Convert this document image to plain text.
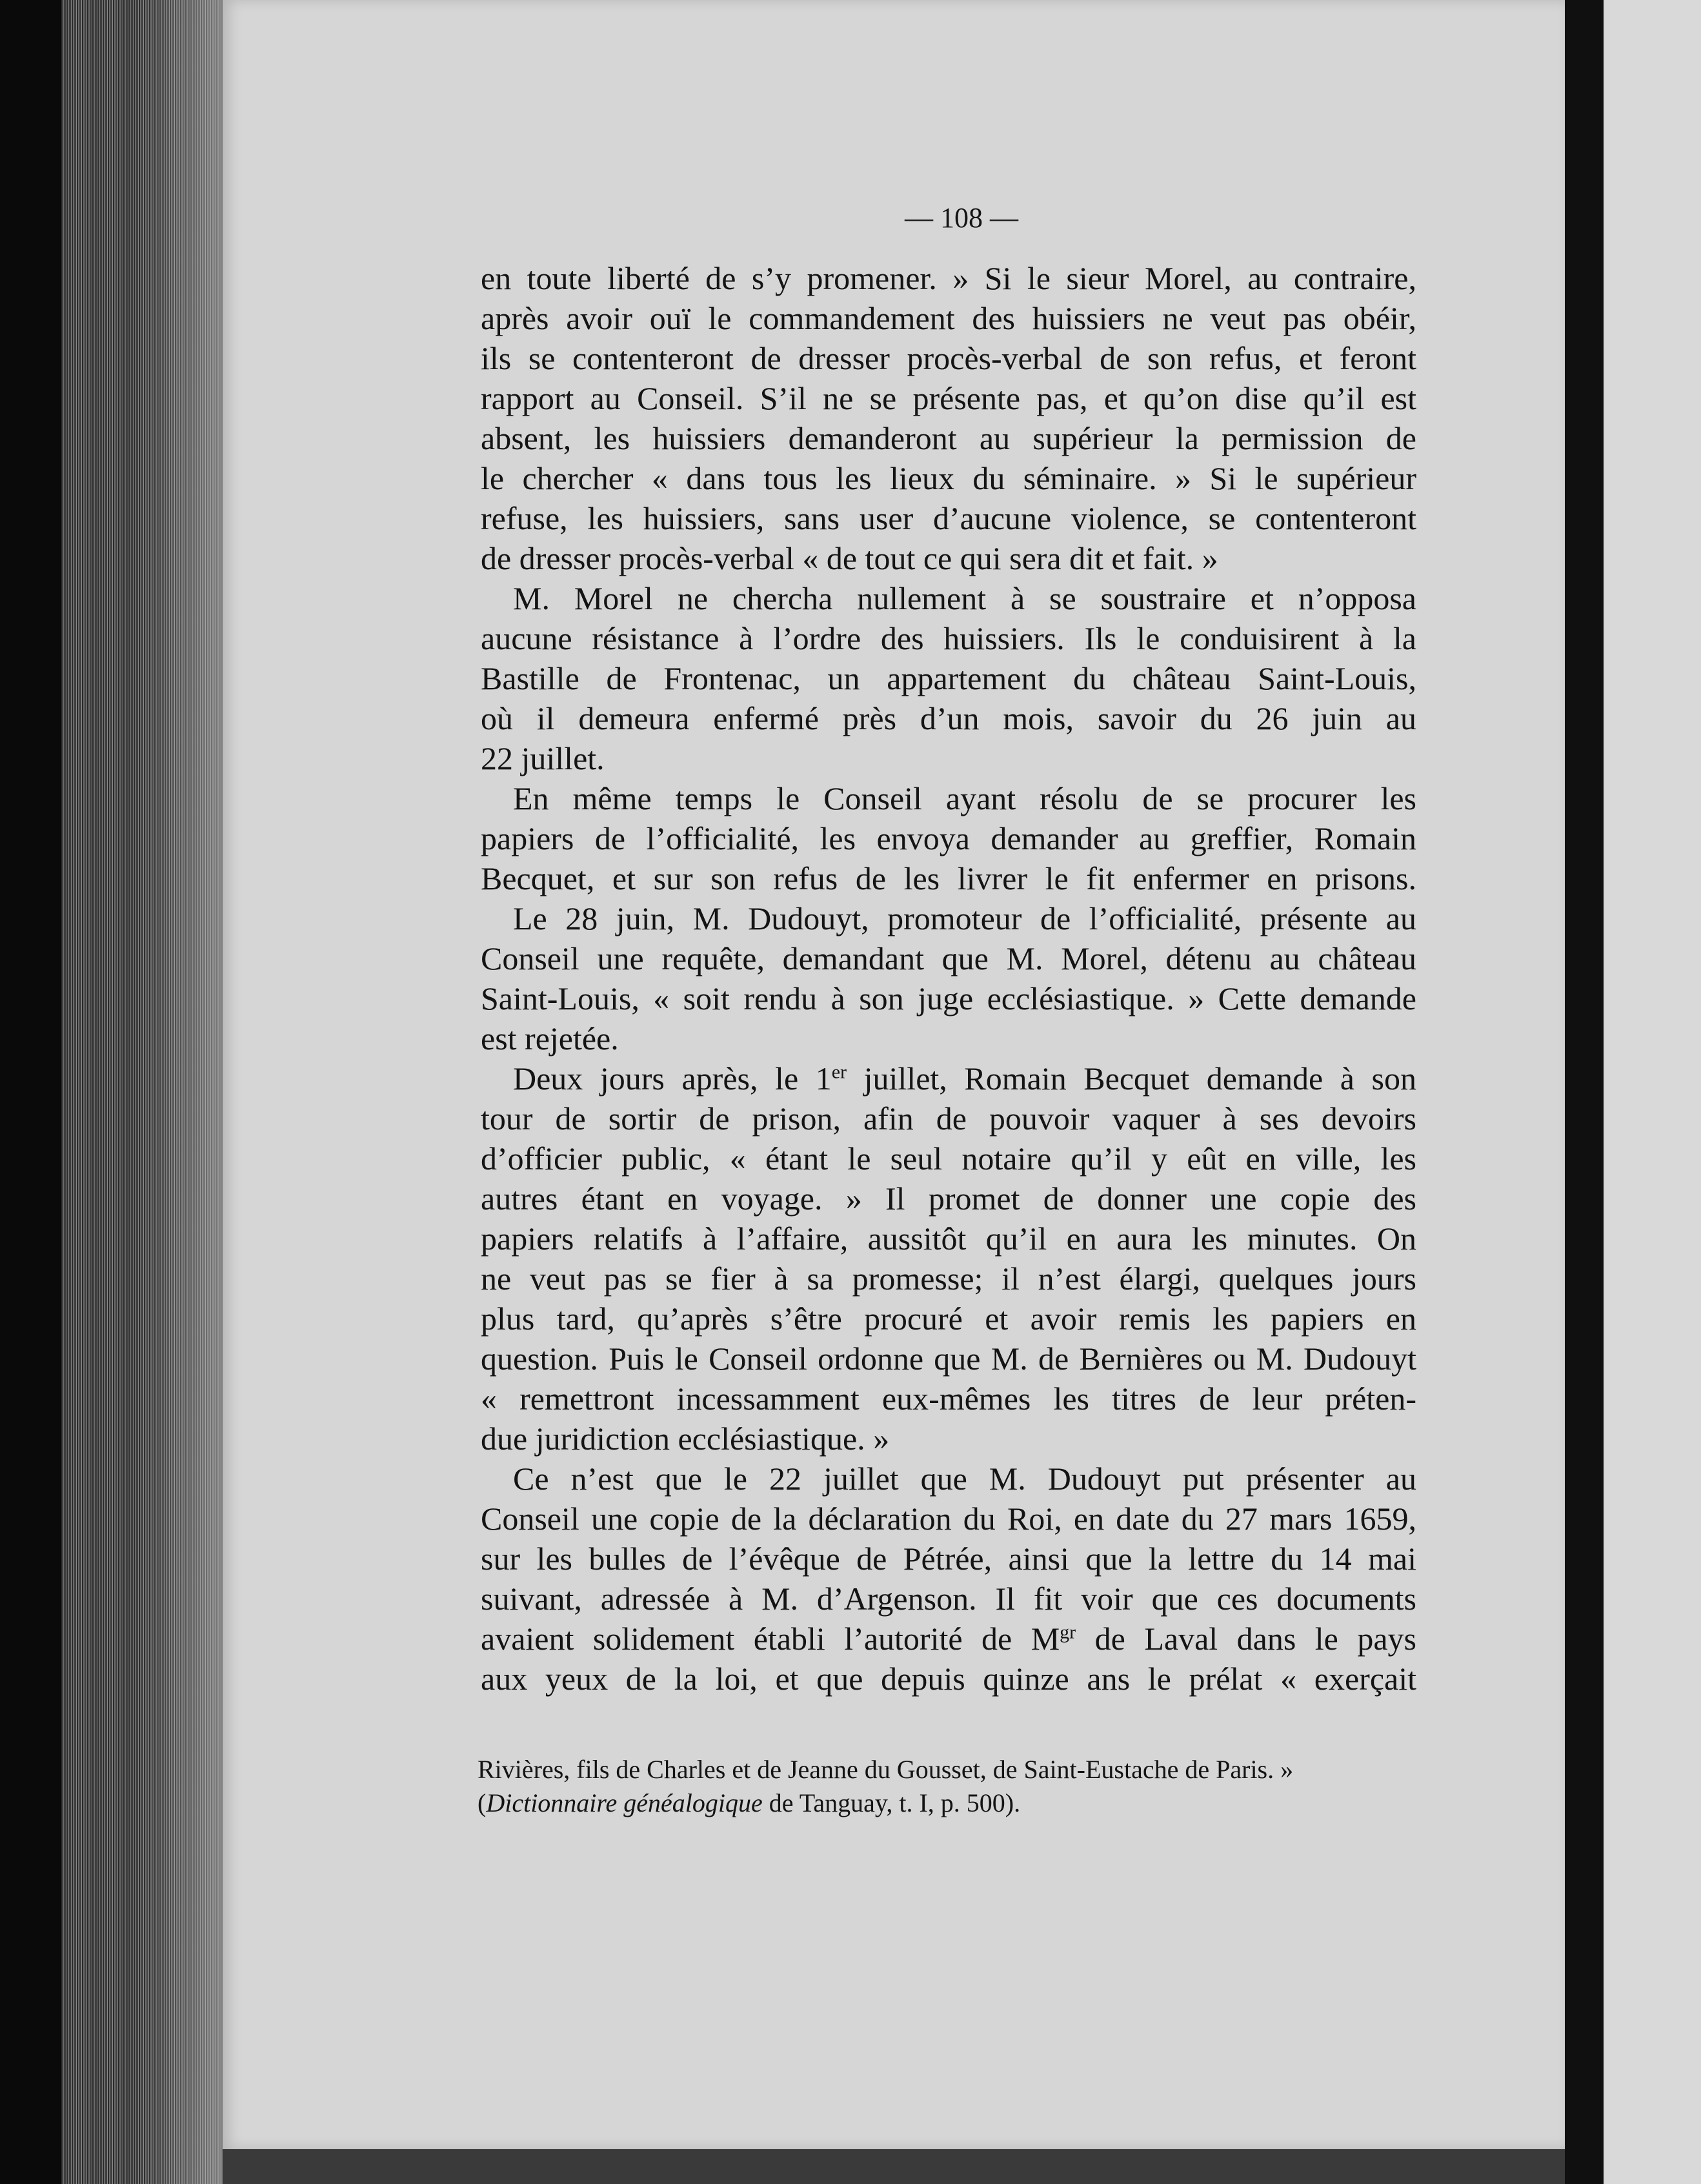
— 108 —
en toute liberté de s’y promener. » Si le sieur Morel, au contraire,
après avoir ouï le commandement des huissiers ne veut pas obéir,
ils se contenteront de dresser procès-verbal de son refus, et feront
rapport au Conseil. S’il ne se présente pas, et qu’on dise qu’il est
absent, les huissiers demanderont au supérieur la permission de
le chercher « dans tous les lieux du séminaire. » Si le supérieur
refuse, les huissiers, sans user d’aucune violence, se contenteront
de dresser procès-verbal « de tout ce qui sera dit et fait. »
M. Morel ne chercha nullement à se soustraire et n’opposa
aucune résistance à l’ordre des huissiers. Ils le conduisirent à la
Bastille de Frontenac, un appartement du château Saint-Louis,
où il demeura enfermé près d’un mois, savoir du 26 juin au
22 juillet.
En même temps le Conseil ayant résolu de se procurer les
papiers de l’officialité, les envoya demander au greffier, Romain
Becquet, et sur son refus de les livrer le fit enfermer en prisons.
Le 28 juin, M. Dudouyt, promoteur de l’officialité, présente au
Conseil une requête, demandant que M. Morel, détenu au château
Saint-Louis, « soit rendu à son juge ecclésiastique. » Cette demande
est rejetée.
Deux jours après, le 1er juillet, Romain Becquet demande à son
tour de sortir de prison, afin de pouvoir vaquer à ses devoirs
d’officier public, « étant le seul notaire qu’il y eût en ville, les
autres étant en voyage. » Il promet de donner une copie des
papiers relatifs à l’affaire, aussitôt qu’il en aura les minutes. On
ne veut pas se fier à sa promesse; il n’est élargi, quelques jours
plus tard, qu’après s’être procuré et avoir remis les papiers en
question. Puis le Conseil ordonne que M. de Bernières ou M. Dudouyt
« remettront incessamment eux-mêmes les titres de leur préten-
due juridiction ecclésiastique. »
Ce n’est que le 22 juillet que M. Dudouyt put présenter au
Conseil une copie de la déclaration du Roi, en date du 27 mars 1659,
sur les bulles de l’évêque de Pétrée, ainsi que la lettre du 14 mai
suivant, adressée à M. d’Argenson. Il fit voir que ces documents
avaient solidement établi l’autorité de $M^{gr}$ de Laval dans le pays
aux yeux de la loi, et que depuis quinze ans le prélat « exerçait
Rivières, fils de Charles et de Jeanne du Gousset, de Saint-Eustache de Paris. »
(Dictionnaire généalogique de Tanguay, t. I, p. 500).
